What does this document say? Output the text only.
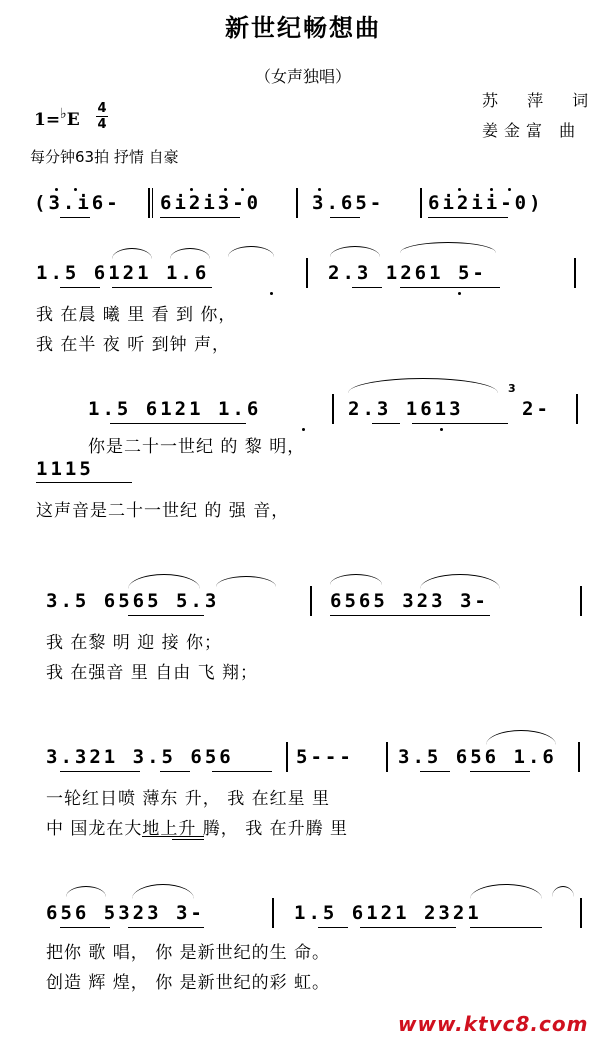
新世纪畅想曲
（女声独唱）
苏 萍 词
姜金富 曲
1=♭E
4
4
每分钟63拍 抒情 自豪
(3.i6- 6i2i3-0	3.65- 6i2ii-0)
1.5 6121 1.6	2.3 1261 5-
我 在晨 曦 里 看 到 你，
我 在半 夜 听 到钟 声，
1.5 6121 1.6	2.3 1613
3
2-
你是二十一世纪 的 黎 明，
1115
这声音是二十一世纪 的 强 音，
3.5 6565 5.3	6565 323 3-
我 在黎 明 迎 接 你；
我 在强音 里 自由 飞 翔；
3.321 3.5 656	5--- 3.5 656 1.6
一轮红日喷 薄东 升， 我 在红星 里
中 国龙在大地上升 腾， 我 在升腾 里
656 5323 3-	1.5 6121 2321
把你 歌 唱， 你 是新世纪的生 命。
创造 辉 煌， 你 是新世纪的彩 虹。
www.ktvc8.com
